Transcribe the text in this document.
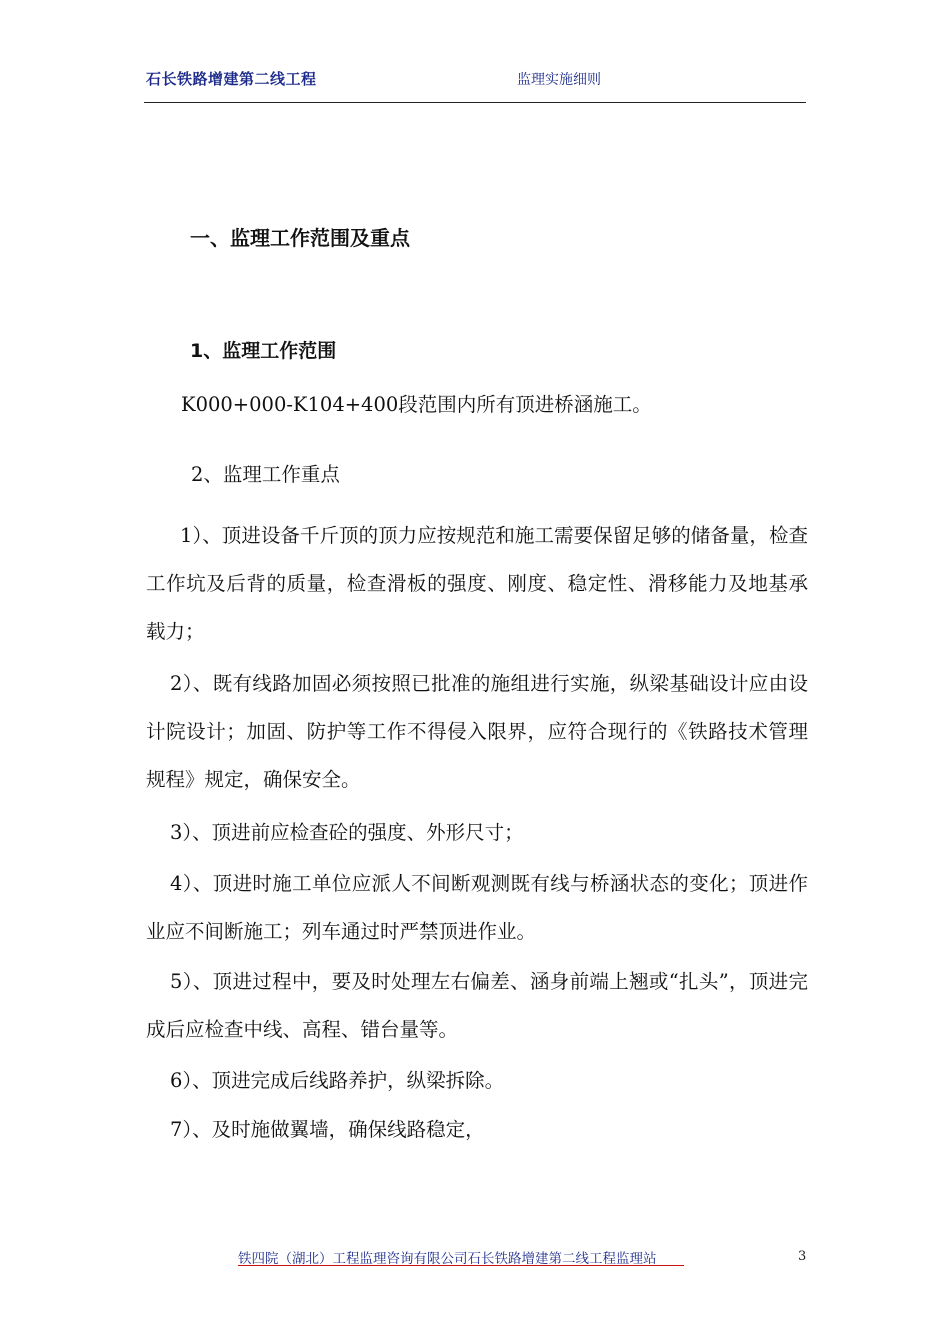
石长铁路增建第二线工程	监理实施细则
一、监理工作范围及重点
1、监理工作范围
K000+000-K104+400段范围内所有顶进桥涵施工。
2、监理工作重点
1）、顶进设备千斤顶的顶力应按规范和施工需要保留足够的储备量，检查工作坑及后背的质量，检查滑板的强度、刚度、稳定性、滑移能力及地基承载力；
2）、既有线路加固必须按照已批准的施组进行实施，纵梁基础设计应由设计院设计；加固、防护等工作不得侵入限界，应符合现行的《铁路技术管理规程》规定，确保安全。
3）、顶进前应检查砼的强度、外形尺寸；
4）、顶进时施工单位应派人不间断观测既有线与桥涵状态的变化；顶进作业应不间断施工；列车通过时严禁顶进作业。
5）、顶进过程中，要及时处理左右偏差、涵身前端上翘或“扎头”，顶进完成后应检查中线、高程、错台量等。
6）、顶进完成后线路养护，纵梁拆除。
7）、及时施做翼墙，确保线路稳定，
铁四院（湖北）工程监理咨询有限公司石长铁路增建第二线工程监理站	3
